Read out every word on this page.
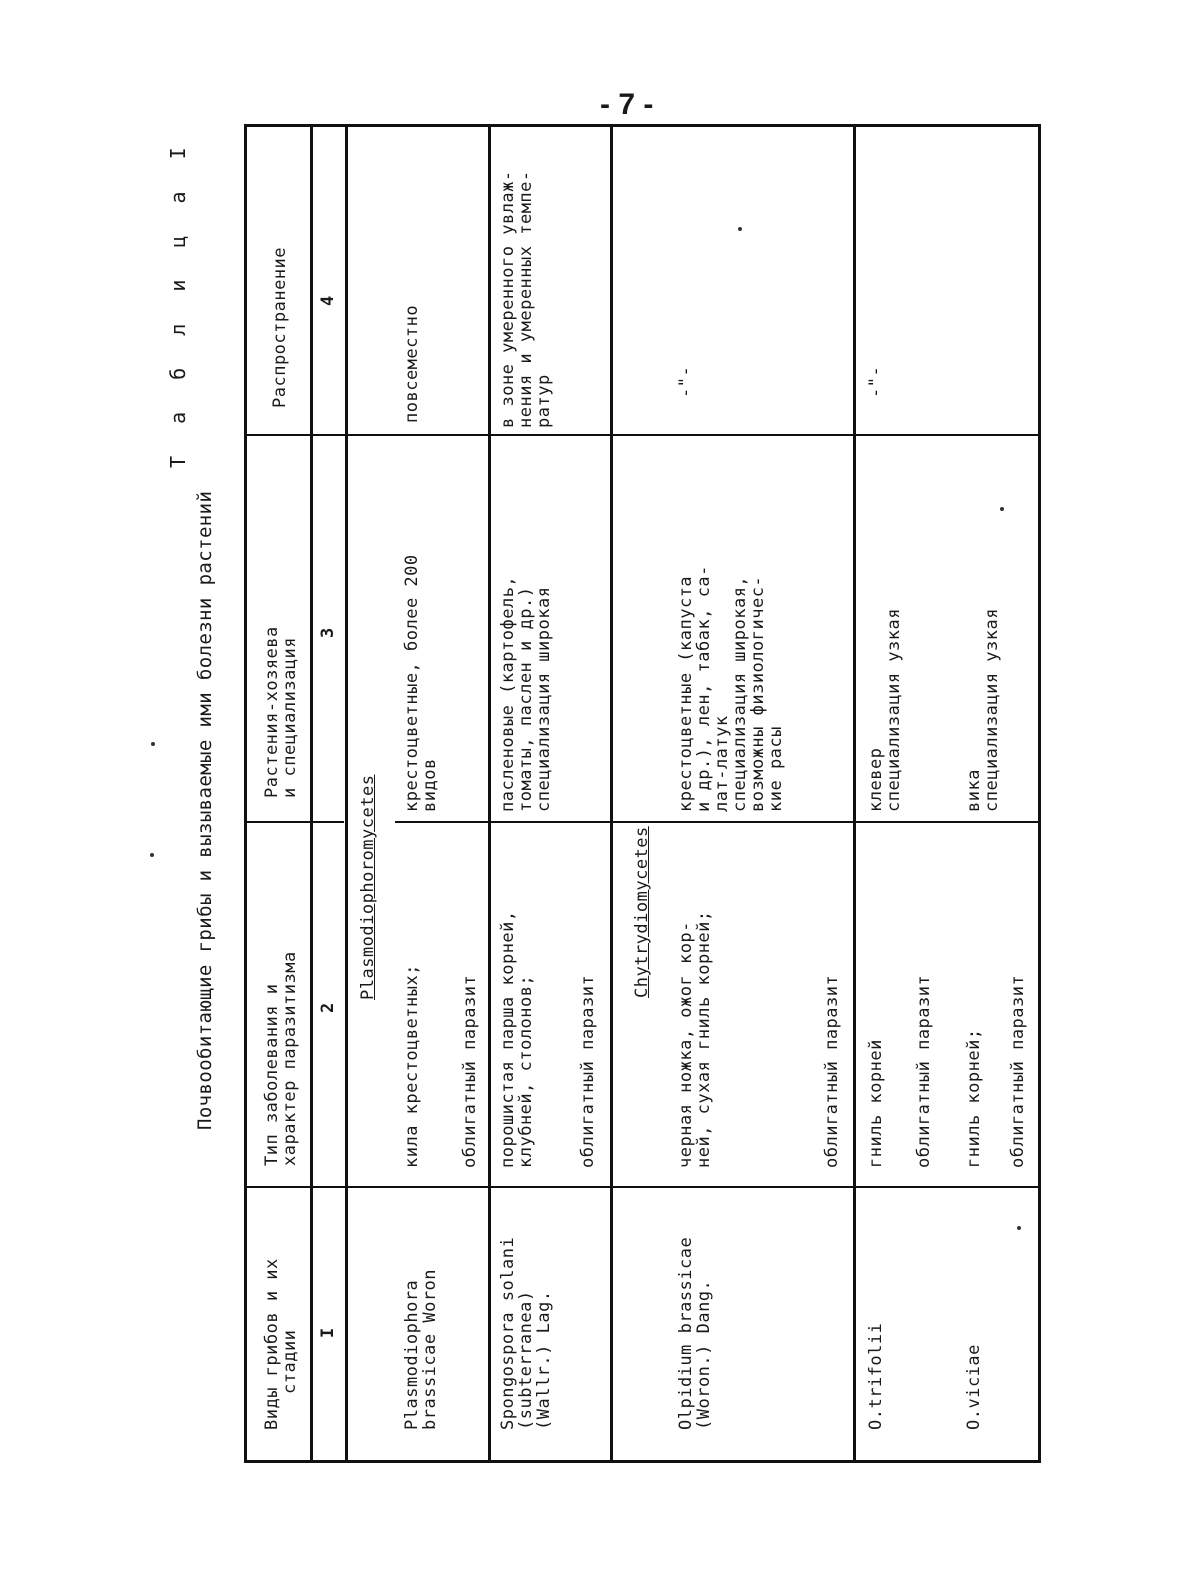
- 7 -
Т а б л и ц а I
Почвообитающие грибы и вызываемые ими болезни растений
Виды грибов и их
стадии
Тип заболевания и
характер паразитизма
Растения-хозяева
и специализация
Распространение
I
2
3
4
Plasmodiophoromycetes
Plasmodiophora
brassicae Woron
кила крестоцветных; облигатный паразит
крестоцветные, более 200
видов
повсеместно
Spongospora solani
(subterranea)
(Wallr.) Lag.
порошистая парша корней,
клубней, столонов; облигатный паразит
пасленовые (картофель,
томаты, паслен и др.)
специализация широкая
в зоне умеренного увлаж-
нения и умеренных темпе-
ратур
Chytrydiomycetes
Olpidium brassicae
(Woron.) Dang.
черная ножка, ожог кор-
ней, сухая гниль корней;	облигатный паразит
крестоцветные (капуста
и др.), лен, табак, са-
лат-латук
специализация широкая,
возможны физиологичес-
кие расы
-"-
O.trifolii
гниль корней облигатный паразит
клевер
специализация узкая
-"-
O.viciae
гниль корней; облигатный паразит
вика
специализация узкая
